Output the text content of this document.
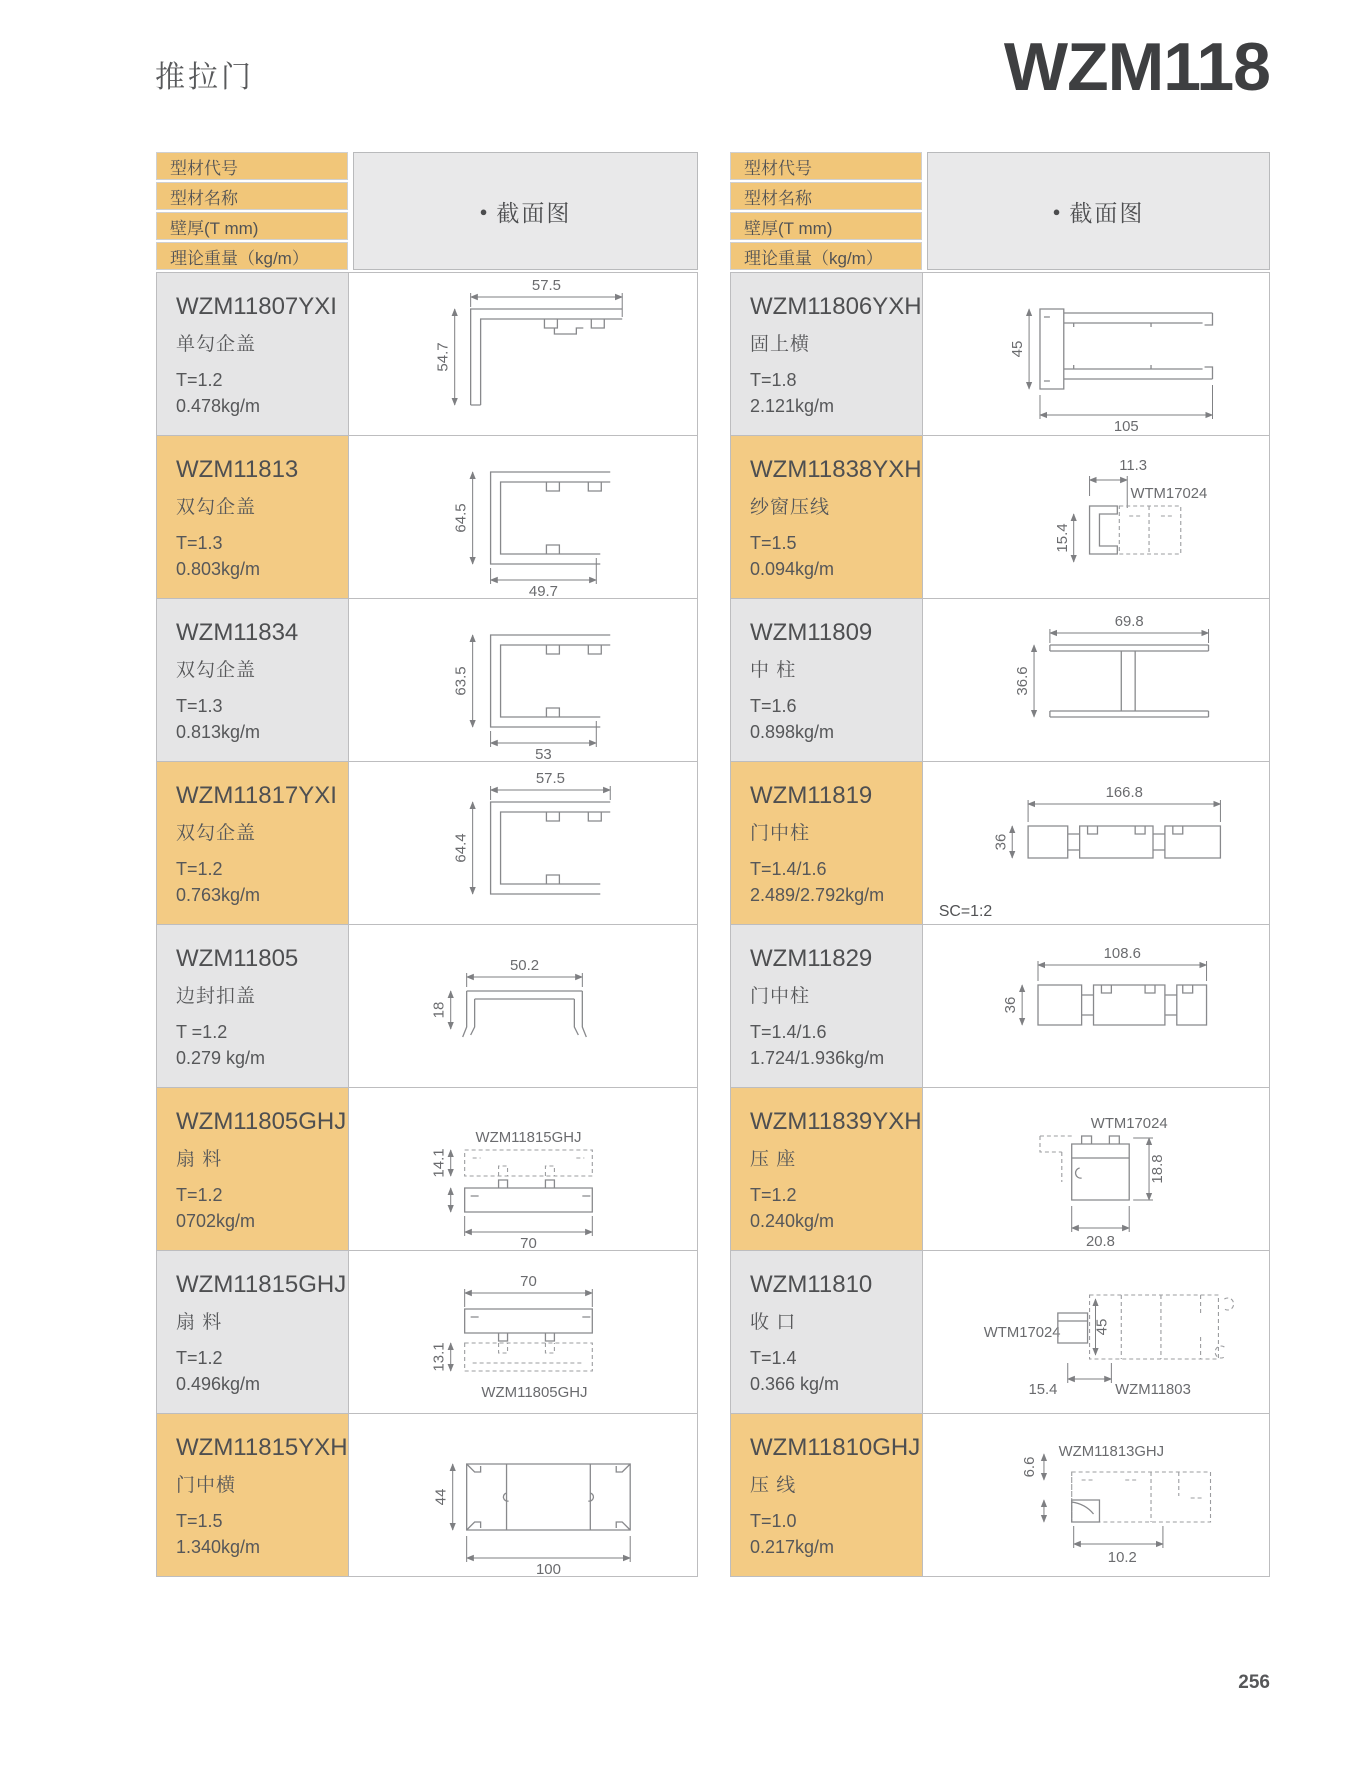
推拉门	WZM118
型材代号
型材名称
壁厚(T mm)
理论重量（kg/m）
● 截面图
WZM11807YXI
单勾企盖
T=1.2
0.478kg/m
57.5
54.7
WZM11813
双勾企盖
T=1.3
0.803kg/m
64.5
49.7
WZM11834
双勾企盖
T=1.3
0.813kg/m
63.5
53
WZM11817YXI
双勾企盖
T=1.2
0.763kg/m
57.5
64.4
WZM11805
边封扣盖
T =1.2
0.279 kg/m
50.2
18
WZM11805GHJ
扇 料
T=1.2
0702kg/m
WZM11815GHJ
14.1
70
WZM11815GHJ
扇 料
T=1.2
0.496kg/m
70
13.1
WZM11805GHJ
WZM11815YXH
门中横
T=1.5
1.340kg/m
44
100
型材代号
型材名称
壁厚(T mm)
理论重量（kg/m）
● 截面图
WZM11806YXH
固上横
T=1.8
2.121kg/m
45
105
WZM11838YXH
纱窗压线
T=1.5
0.094kg/m
11.3
WTM17024
15.4
WZM11809
中 柱
T=1.6
0.898kg/m
69.8
36.6
WZM11819
门中柱
T=1.4/1.6
2.489/2.792kg/m
166.8
36
SC=1:2
WZM11829
门中柱
T=1.4/1.6
1.724/1.936kg/m
108.6
36
WZM11839YXH
压 座
T=1.2
0.240kg/m
WTM17024
18.8
20.8
WZM11810
收 口
T=1.4
0.366 kg/m
WTM17024 45
15.4	WZM11803
WZM11810GHJ
压 线
T=1.0
0.217kg/m
WZM11813GHJ
6.6
10.2
256
